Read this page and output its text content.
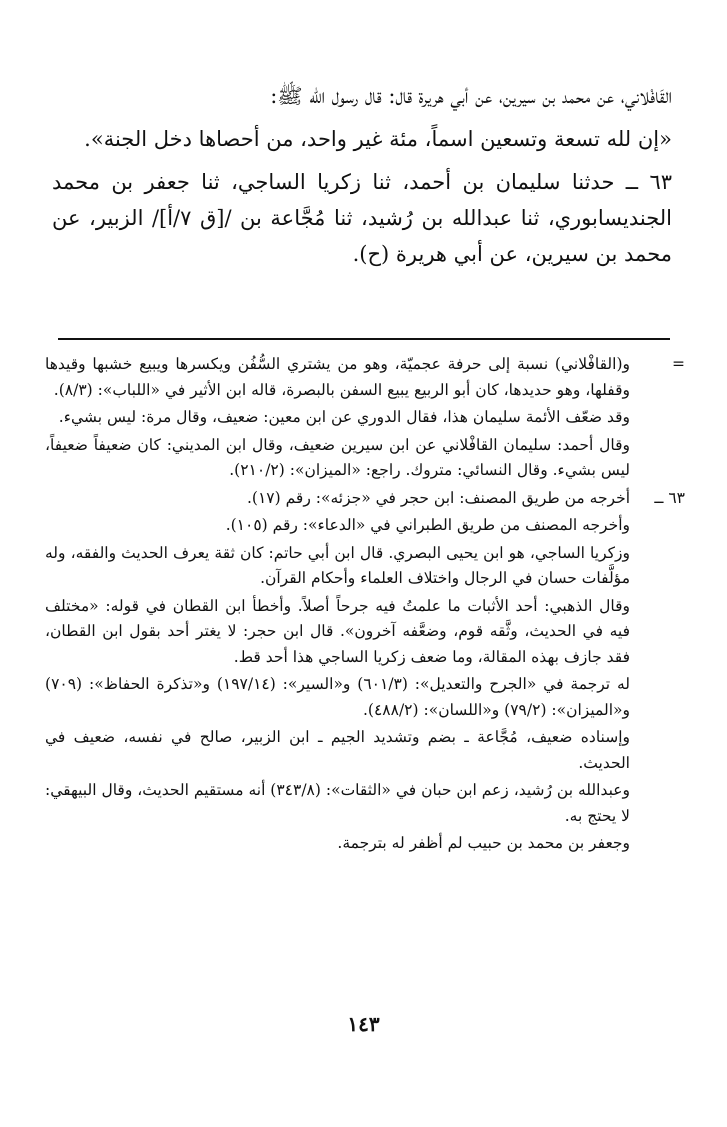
القَافْلاني، عن محمد بن سيرين، عن أبي هريرة قال: قال رسول الله ﷺ:

«إن لله تسعة وتسعين اسماً، مئة غير واحد، من أحصاها دخل الجنة».

٦٣ ــ حدثنا سليمان بن أحمد، ثنا زكريا الساجي، ثنا جعفر بن محمد الجنديسابوري، ثنا عبدالله بن رُشيد، ثنا مُجَّاعة بن /[ق ٧/أ]/ الزبير، عن محمد بن سيرين، عن أبي هريرة (ح).

=

و(القافْلاني) نسبة إلى حرفة عجميّة، وهو من يشتري السُّفُن ويكسرها ويبيع خشبها وقيدها وقفلها، وهو حديدها، كان أبو الربيع يبيع السفن بالبصرة، قاله ابن الأثير في «اللباب»: (٨/٣).

وقد ضعّف الأئمة سليمان هذا، فقال الدوري عن ابن معين: ضعيف، وقال مرة: ليس بشيء.

وقال أحمد: سليمان القافْلاني عن ابن سيرين ضعيف، وقال ابن المديني: كان ضعيفاً ضعيفاً، ليس بشيء. وقال النسائي: متروك. راجع: «الميزان»: (٢١٠/٢).

٦٣ ــ

أخرجه من طريق المصنف: ابن حجر في «جزئه»: رقم (١٧).

وأخرجه المصنف من طريق الطبراني في «الدعاء»: رقم (١٠٥).

وزكريا الساجي، هو ابن يحيى البصري. قال ابن أبي حاتم: كان ثقة يعرف الحديث والفقه، وله مؤلَّفات حسان في الرجال واختلاف العلماء وأحكام القرآن.

وقال الذهبي: أحد الأثبات ما علمتُ فيه جرحاً أصلاً. وأخطأ ابن القطان في قوله: «مختلف فيه في الحديث، وثَّقه قوم، وضعَّفه آخرون». قال ابن حجر: لا يغتر أحد بقول ابن القطان، فقد جازف بهذه المقالة، وما ضعف زكريا الساجي هذا أحد قط.

له ترجمة في «الجرح والتعديل»: (٦٠١/٣) و«السير»: (١٩٧/١٤) و«تذكرة الحفاظ»: (٧٠٩) و«الميزان»: (٧٩/٢) و«اللسان»: (٤٨٨/٢).

وإسناده ضعيف، مُجَّاعة ـ بضم وتشديد الجيم ـ ابن الزبير، صالح في نفسه، ضعيف في الحديث.

وعبدالله بن رُشيد، زعم ابن حبان في «الثقات»: (٣٤٣/٨) أنه مستقيم الحديث، وقال البيهقي: لا يحتج به.

وجعفر بن محمد بن حبيب لم أظفر له بترجمة.

١٤٣
